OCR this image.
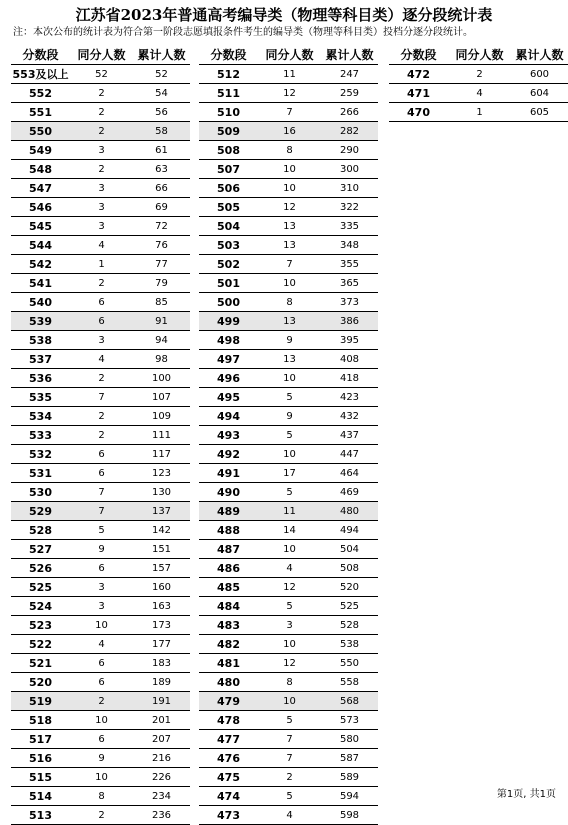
江苏省2023年普通高考编导类（物理等科目类）逐分段统计表
注：本次公布的统计表为符合第一阶段志愿填报条件考生的编导类（物理等科目类）投档分逐分段统计。
分数段	同分人数	累计人数
553及以上	52	52
552	2	54
551	2	56
550	2	58
549	3	61
548	2	63
547	3	66
546	3	69
545	3	72
544	4	76
542	1	77
541	2	79
540	6	85
539	6	91
538	3	94
537	4	98
536	2	100
535	7	107
534	2	109
533	2	111
532	6	117
531	6	123
530	7	130
529	7	137
528	5	142
527	9	151
526	6	157
525	3	160
524	3	163
523	10	173
522	4	177
521	6	183
520	6	189
519	2	191
518	10	201
517	6	207
516	9	216
515	10	226
514	8	234
513	2	236
分数段	同分人数	累计人数
512	11	247
511	12	259
510	7	266
509	16	282
508	8	290
507	10	300
506	10	310
505	12	322
504	13	335
503	13	348
502	7	355
501	10	365
500	8	373
499	13	386
498	9	395
497	13	408
496	10	418
495	5	423
494	9	432
493	5	437
492	10	447
491	17	464
490	5	469
489	11	480
488	14	494
487	10	504
486	4	508
485	12	520
484	5	525
483	3	528
482	10	538
481	12	550
480	8	558
479	10	568
478	5	573
477	7	580
476	7	587
475	2	589
474	5	594
473	4	598
分数段	同分人数	累计人数
472	2	600
471	4	604
470	1	605
第1页, 共1页
